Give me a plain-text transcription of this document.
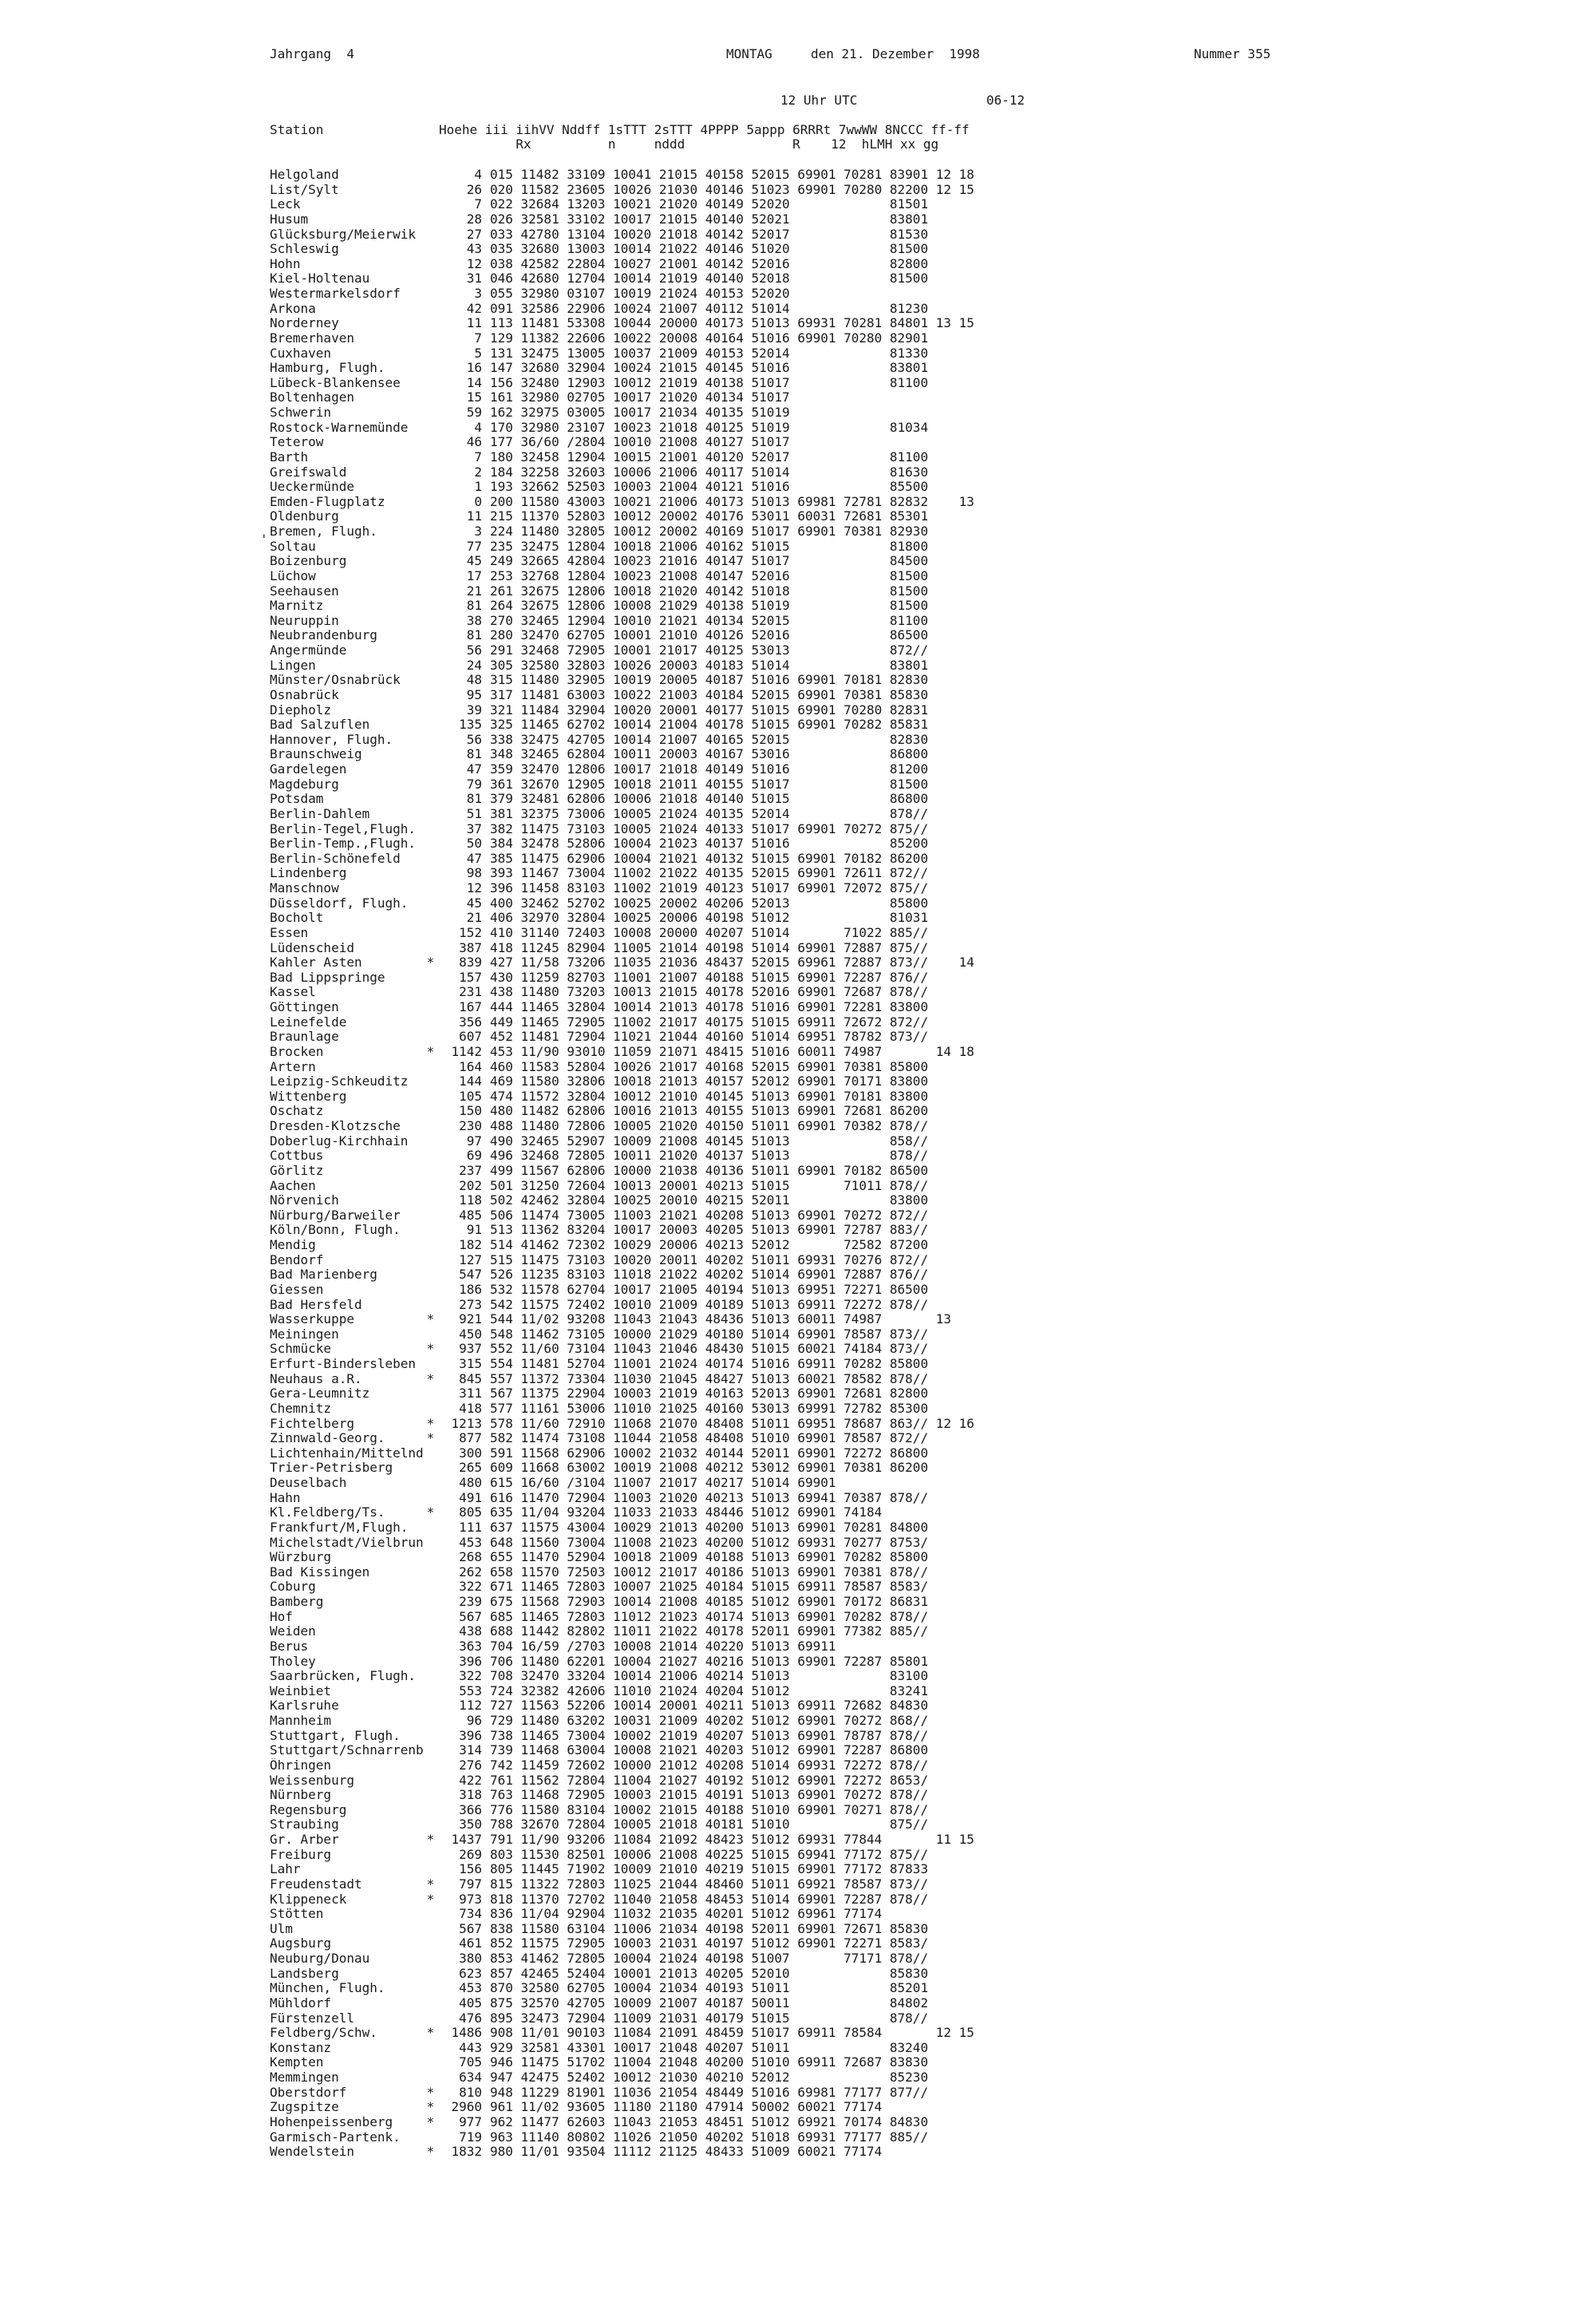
Jahrgang  4	MONTAG     den 21. Dezember  1998	Nummer 355
12 Uhr UTC	06-12
Station	Hoehe iii iihVV Nddff 1sTTT 2sTTT 4PPPP 5appp 6RRRt 7wwWW 8NCCC ff-ff
Rx          n     nddd              R    12  hLMH xx gg
'
Helgoland	4 015 11482 33109 10041 21015 40158 52015 69901 70281 83901 12 18
List/Sylt	26 020 11582 23605 10026 21030 40146 51023 69901 70280 82200 12 15
Leck	7 022 32684 13203 10021 21020 40149 52020             81501
Husum	28 026 32581 33102 10017 21015 40140 52021             83801
Glücksburg/Meierwik	27 033 42780 13104 10020 21018 40142 52017             81530
Schleswig	43 035 32680 13003 10014 21022 40146 51020             81500
Hohn	12 038 42582 22804 10027 21001 40142 52016             82800
Kiel-Holtenau	31 046 42680 12704 10014 21019 40140 52018             81500
Westermarkelsdorf	3 055 32980 03107 10019 21024 40153 52020
Arkona	42 091 32586 22906 10024 21007 40112 51014             81230
Norderney	11 113 11481 53308 10044 20000 40173 51013 69931 70281 84801 13 15
Bremerhaven	7 129 11382 22606 10022 20008 40164 51016 69901 70280 82901
Cuxhaven	5 131 32475 13005 10037 21009 40153 52014             81330
Hamburg, Flugh.	16 147 32680 32904 10024 21015 40145 51016             83801
Lübeck-Blankensee	14 156 32480 12903 10012 21019 40138 51017             81100
Boltenhagen	15 161 32980 02705 10017 21020 40134 51017
Schwerin	59 162 32975 03005 10017 21034 40135 51019
Rostock-Warnemünde	4 170 32980 23107 10023 21018 40125 51019             81034
Teterow	46 177 36/60 /2804 10010 21008 40127 51017
Barth	7 180 32458 12904 10015 21001 40120 52017             81100
Greifswald	2 184 32258 32603 10006 21006 40117 51014             81630
Ueckermünde	1 193 32662 52503 10003 21004 40121 51016             85500
Emden-Flugplatz	0 200 11580 43003 10021 21006 40173 51013 69981 72781 82832    13
Oldenburg	11 215 11370 52803 10012 20002 40176 53011 60031 72681 85301
Bremen, Flugh.	3 224 11480 32805 10012 20002 40169 51017 69901 70381 82930
Soltau	77 235 32475 12804 10018 21006 40162 51015             81800
Boizenburg	45 249 32665 42804 10023 21016 40147 51017             84500
Lüchow	17 253 32768 12804 10023 21008 40147 52016             81500
Seehausen	21 261 32675 12806 10018 21020 40142 51018             81500
Marnitz	81 264 32675 12806 10008 21029 40138 51019             81500
Neuruppin	38 270 32465 12904 10010 21021 40134 52015             81100
Neubrandenburg	81 280 32470 62705 10001 21010 40126 52016             86500
Angermünde	56 291 32468 72905 10001 21017 40125 53013             872//
Lingen	24 305 32580 32803 10026 20003 40183 51014             83801
Münster/Osnabrück	48 315 11480 32905 10019 20005 40187 51016 69901 70181 82830
Osnabrück	95 317 11481 63003 10022 21003 40184 52015 69901 70381 85830
Diepholz	39 321 11484 32904 10020 20001 40177 51015 69901 70280 82831
Bad Salzuflen	135 325 11465 62702 10014 21004 40178 51015 69901 70282 85831
Hannover, Flugh.	56 338 32475 42705 10014 21007 40165 52015             82830
Braunschweig	81 348 32465 62804 10011 20003 40167 53016             86800
Gardelegen	47 359 32470 12806 10017 21018 40149 51016             81200
Magdeburg	79 361 32670 12905 10018 21011 40155 51017             81500
Potsdam	81 379 32481 62806 10006 21018 40140 51015             86800
Berlin-Dahlem	51 381 32375 73006 10005 21024 40135 52014             878//
Berlin-Tegel,Flugh.	37 382 11475 73103 10005 21024 40133 51017 69901 70272 875//
Berlin-Temp.,Flugh.	50 384 32478 52806 10004 21023 40137 51016             85200
Berlin-Schönefeld	47 385 11475 62906 10004 21021 40132 51015 69901 70182 86200
Lindenberg	98 393 11467 73004 11002 21022 40135 52015 69901 72611 872//
Manschnow	12 396 11458 83103 11002 21019 40123 51017 69901 72072 875//
Düsseldorf, Flugh.	45 400 32462 52702 10025 20002 40206 52013             85800
Bocholt	21 406 32970 32804 10025 20006 40198 51012             81031
Essen	152 410 31140 72403 10008 20000 40207 51014       71022 885//
Lüdenscheid	387 418 11245 82904 11005 21014 40198 51014 69901 72887 875//
Kahler Asten	*	839 427 11/58 73206 11035 21036 48437 52015 69961 72887 873//    14
Bad Lippspringe	157 430 11259 82703 11001 21007 40188 51015 69901 72287 876//
Kassel	231 438 11480 73203 10013 21015 40178 52016 69901 72687 878//
Göttingen	167 444 11465 32804 10014 21013 40178 51016 69901 72281 83800
Leinefelde	356 449 11465 72905 11002 21017 40175 51015 69911 72672 872//
Braunlage	607 452 11481 72904 11021 21044 40160 51014 69951 78782 873//
Brocken	*	1142 453 11/90 93010 11059 21071 48415 51016 60011 74987       14 18
Artern	164 460 11583 52804 10026 21017 40168 52015 69901 70381 85800
Leipzig-Schkeuditz	144 469 11580 32806 10018 21013 40157 52012 69901 70171 83800
Wittenberg	105 474 11572 32804 10012 21010 40145 51013 69901 70181 83800
Oschatz	150 480 11482 62806 10016 21013 40155 51013 69901 72681 86200
Dresden-Klotzsche	230 488 11480 72806 10005 21020 40150 51011 69901 70382 878//
Doberlug-Kirchhain	97 490 32465 52907 10009 21008 40145 51013             858//
Cottbus	69 496 32468 72805 10011 21020 40137 51013             878//
Görlitz	237 499 11567 62806 10000 21038 40136 51011 69901 70182 86500
Aachen	202 501 31250 72604 10013 20001 40213 51015       71011 878//
Nörvenich	118 502 42462 32804 10025 20010 40215 52011             83800
Nürburg/Barweiler	485 506 11474 73005 11003 21021 40208 51013 69901 70272 872//
Köln/Bonn, Flugh.	91 513 11362 83204 10017 20003 40205 51013 69901 72787 883//
Mendig	182 514 41462 72302 10029 20006 40213 52012       72582 87200
Bendorf	127 515 11475 73103 10020 20011 40202 51011 69931 70276 872//
Bad Marienberg	547 526 11235 83103 11018 21022 40202 51014 69901 72887 876//
Giessen	186 532 11578 62704 10017 21005 40194 51013 69951 72271 86500
Bad Hersfeld	273 542 11575 72402 10010 21009 40189 51013 69911 72272 878//
Wasserkuppe	*	921 544 11/02 93208 11043 21043 48436 51013 60011 74987       13
Meiningen	450 548 11462 73105 10000 21029 40180 51014 69901 78587 873//
Schmücke	*	937 552 11/60 73104 11043 21046 48430 51015 60021 74184 873//
Erfurt-Bindersleben	315 554 11481 52704 11001 21024 40174 51016 69911 70282 85800
Neuhaus a.R.	*	845 557 11372 73304 11030 21045 48427 51013 60021 78582 878//
Gera-Leumnitz	311 567 11375 22904 10003 21019 40163 52013 69901 72681 82800
Chemnitz	418 577 11161 53006 11010 21025 40160 53013 69991 72782 85300
Fichtelberg	*	1213 578 11/60 72910 11068 21070 48408 51011 69951 78687 863// 12 16
Zinnwald-Georg.	*	877 582 11474 73108 11044 21058 48408 51010 69901 78587 872//
Lichtenhain/Mittelnd	300 591 11568 62906 10002 21032 40144 52011 69901 72272 86800
Trier-Petrisberg	265 609 11668 63002 10019 21008 40212 53012 69901 70381 86200
Deuselbach	480 615 16/60 /3104 11007 21017 40217 51014 69901
Hahn	491 616 11470 72904 11003 21020 40213 51013 69941 70387 878//
Kl.Feldberg/Ts.	*	805 635 11/04 93204 11033 21033 48446 51012 69901 74184
Frankfurt/M,Flugh.	111 637 11575 43004 10029 21013 40200 51013 69901 70281 84800
Michelstadt/Vielbrun	453 648 11560 73004 11008 21023 40200 51012 69931 70277 8753/
Würzburg	268 655 11470 52904 10018 21009 40188 51013 69901 70282 85800
Bad Kissingen	262 658 11570 72503 10012 21017 40186 51013 69901 70381 878//
Coburg	322 671 11465 72803 10007 21025 40184 51015 69911 78587 8583/
Bamberg	239 675 11568 72903 10014 21008 40185 51012 69901 70172 86831
Hof	567 685 11465 72803 11012 21023 40174 51013 69901 70282 878//
Weiden	438 688 11442 82802 11011 21022 40178 52011 69901 77382 885//
Berus	363 704 16/59 /2703 10008 21014 40220 51013 69911
Tholey	396 706 11480 62201 10004 21027 40216 51013 69901 72287 85801
Saarbrücken, Flugh.	322 708 32470 33204 10014 21006 40214 51013             83100
Weinbiet	553 724 32382 42606 11010 21024 40204 51012             83241
Karlsruhe	112 727 11563 52206 10014 20001 40211 51013 69911 72682 84830
Mannheim	96 729 11480 63202 10031 21009 40202 51012 69901 70272 868//
Stuttgart, Flugh.	396 738 11465 73004 10002 21019 40207 51013 69901 78787 878//
Stuttgart/Schnarrenb	314 739 11468 63004 10008 21021 40203 51012 69901 72287 86800
Öhringen	276 742 11459 72602 10000 21012 40208 51014 69931 72272 878//
Weissenburg	422 761 11562 72804 11004 21027 40192 51012 69901 72272 8653/
Nürnberg	318 763 11468 72905 10003 21015 40191 51013 69901 70272 878//
Regensburg	366 776 11580 83104 10002 21015 40188 51010 69901 70271 878//
Straubing	350 788 32670 72804 10005 21018 40181 51010             875//
Gr. Arber	*	1437 791 11/90 93206 11084 21092 48423 51012 69931 77844       11 15
Freiburg	269 803 11530 82501 10006 21008 40225 51015 69941 77172 875//
Lahr	156 805 11445 71902 10009 21010 40219 51015 69901 77172 87833
Freudenstadt	*	797 815 11322 72803 11025 21044 48460 51011 69921 78587 873//
Klippeneck	*	973 818 11370 72702 11040 21058 48453 51014 69901 72287 878//
Stötten	734 836 11/04 92904 11032 21035 40201 51012 69961 77174
Ulm	567 838 11580 63104 11006 21034 40198 52011 69901 72671 85830
Augsburg	461 852 11575 72905 10003 21031 40197 51012 69901 72271 8583/
Neuburg/Donau	380 853 41462 72805 10004 21024 40198 51007       77171 878//
Landsberg	623 857 42465 52404 10001 21013 40205 52010             85830
München, Flugh.	453 870 32580 62705 10004 21034 40193 51011             85201
Mühldorf	405 875 32570 42705 10009 21007 40187 50011             84802
Fürstenzell	476 895 32473 72904 11009 21031 40179 51015             878//
Feldberg/Schw.	*	1486 908 11/01 90103 11084 21091 48459 51017 69911 78584       12 15
Konstanz	443 929 32581 43301 10017 21048 40207 51011             83240
Kempten	705 946 11475 51702 11004 21048 40200 51010 69911 72687 83830
Memmingen	634 947 42475 52402 10012 21030 40210 52012             85230
Oberstdorf	*	810 948 11229 81901 11036 21054 48449 51016 69981 77177 877//
Zugspitze	*	2960 961 11/02 93605 11180 21180 47914 50002 60021 77174
Hohenpeissenberg	*	977 962 11477 62603 11043 21053 48451 51012 69921 70174 84830
Garmisch-Partenk.	719 963 11140 80802 11026 21050 40202 51018 69931 77177 885//
Wendelstein	*	1832 980 11/01 93504 11112 21125 48433 51009 60021 77174
